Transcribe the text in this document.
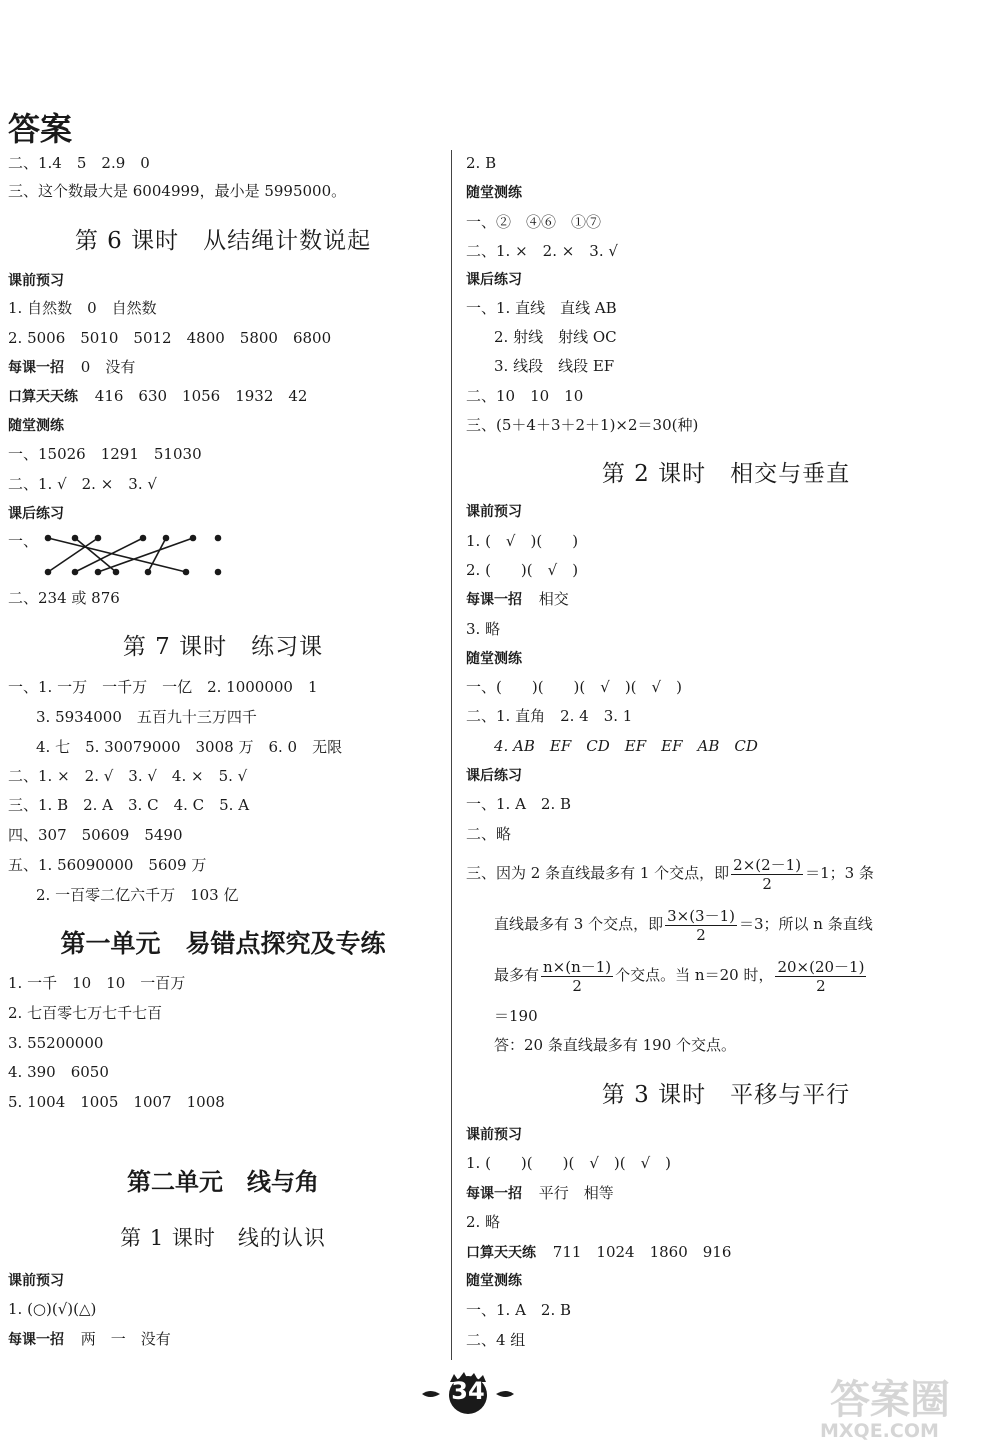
答案
二、1.4　5　2.9　0
三、这个数最大是 6004999，最小是 5995000。
第 6 课时　从结绳计数说起
课前预习
1. 自然数　0　自然数
2. 5006　5010　5012　4800　5800　6800
每课一招 0　没有
口算天天练 416　630　1056　1932　42
随堂测练
一、15026　1291　51030
二、1. √　2. ×　3. √
课后练习
一、
二、234 或 876
第 7 课时　练习课
一、1. 一万　一千万　一亿　2. 1000000　1
3. 5934000　五百九十三万四千
4. 七　5. 30079000　3008 万　6. 0　无限
二、1. ×　2. √　3. √　4. ×　5. √
三、1. B　2. A　3. C　4. C　5. A
四、307　50609　5490
五、1. 56090000　5609 万
2. 一百零二亿六千万　103 亿
第一单元　易错点探究及专练
1. 一千　10　10　一百万
2. 七百零七万七千七百
3. 55200000
4. 390　6050
5. 1004　1005　1007　1008
第二单元　线与角
第 1 课时　线的认识
课前预习
1. (○)(√)(△)
每课一招 两　一　没有
2. B
随堂测练
一、②　④⑥　①⑦
二、1. ×　2. ×　3. √
课后练习
一、1. 直线　直线 AB
2. 射线　射线 OC
3. 线段　线段 EF
二、10　10　10
三、(5＋4＋3＋2＋1)×2＝30(种)
第 2 课时　相交与垂直
课前预习
1. (　√　)(　　)
2. (　　)(　√　)
每课一招 相交
3. 略
随堂测练
一、(　　)(　　)(　√　)(　√　)
二、1. 直角　2. 4　3. 1
4. AB　EF　CD　EF　EF　AB　CD
课后练习
一、1. A　2. B
二、略
三、因为 2 条直线最多有 1 个交点，即 $\frac{2\times(2-1)}{2} =1$；3 条
直线最多有 3 个交点，即 $\frac{3\times(3-1)}{2} =3$；所以 n 条直线
最多有 $\frac{n\times(n-1)}{2}$ 个交点。当 n＝20 时， $\frac{20\times(20-1)}{2}$
＝190
答：20 条直线最多有 190 个交点。
第 3 课时　平移与平行
课前预习
1. (　　)(　　)(　√　)(　√　)
每课一招 平行　相等
2. 略
口算天天练 711　1024　1860　916
随堂测练
一、1. A　2. B
二、4 组
34	答案圈
MXQE.COM
